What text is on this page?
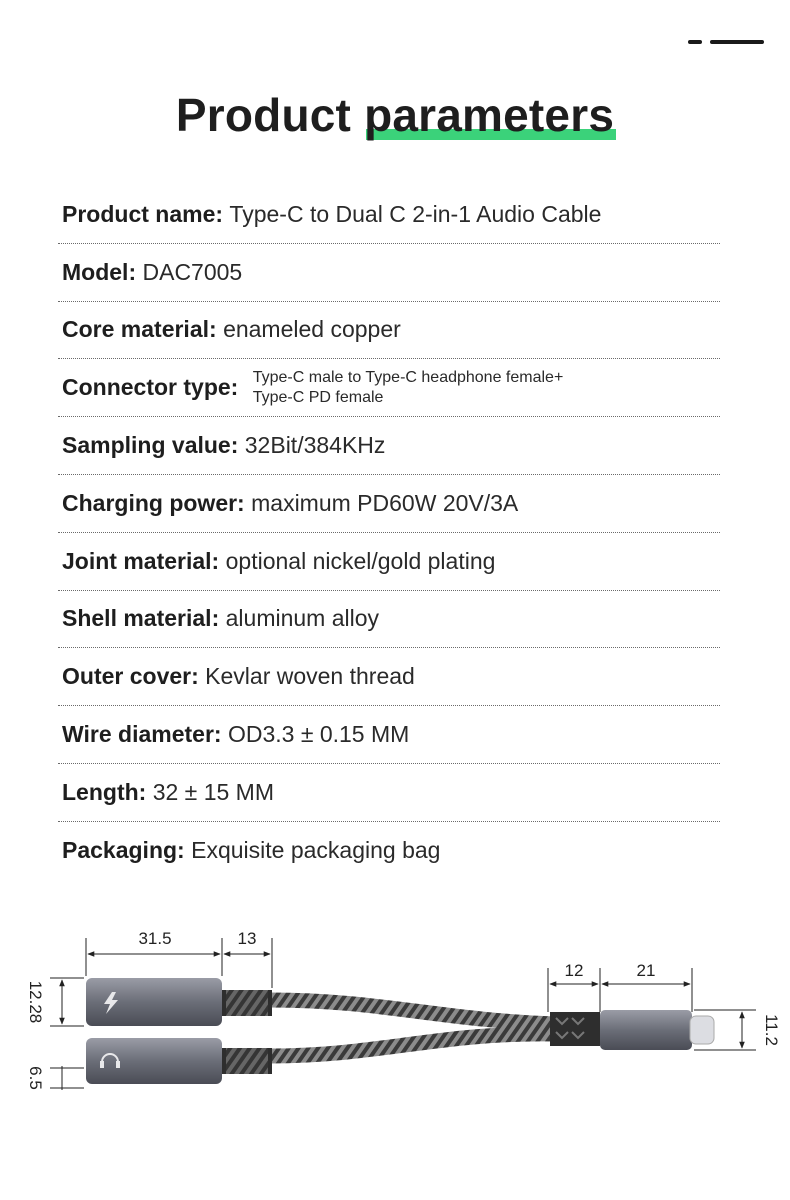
Product parameters
Product name: Type-C to Dual C 2-in-1 Audio Cable
Model: DAC7005
Core material: enameled copper
Connector type: Type-C male to Type-C headphone female+
Type-C PD female
Sampling value: 32Bit/384KHz
Charging power: maximum PD60W 20V/3A
Joint material: optional nickel/gold plating
Shell material: aluminum alloy
Outer cover: Kevlar woven thread
Wire diameter: OD3.3 ± 0.15 MM
Length: 32 ± 15 MM
Packaging: Exquisite packaging bag
31.5	13
12	21
12.28
6.5
11.2
